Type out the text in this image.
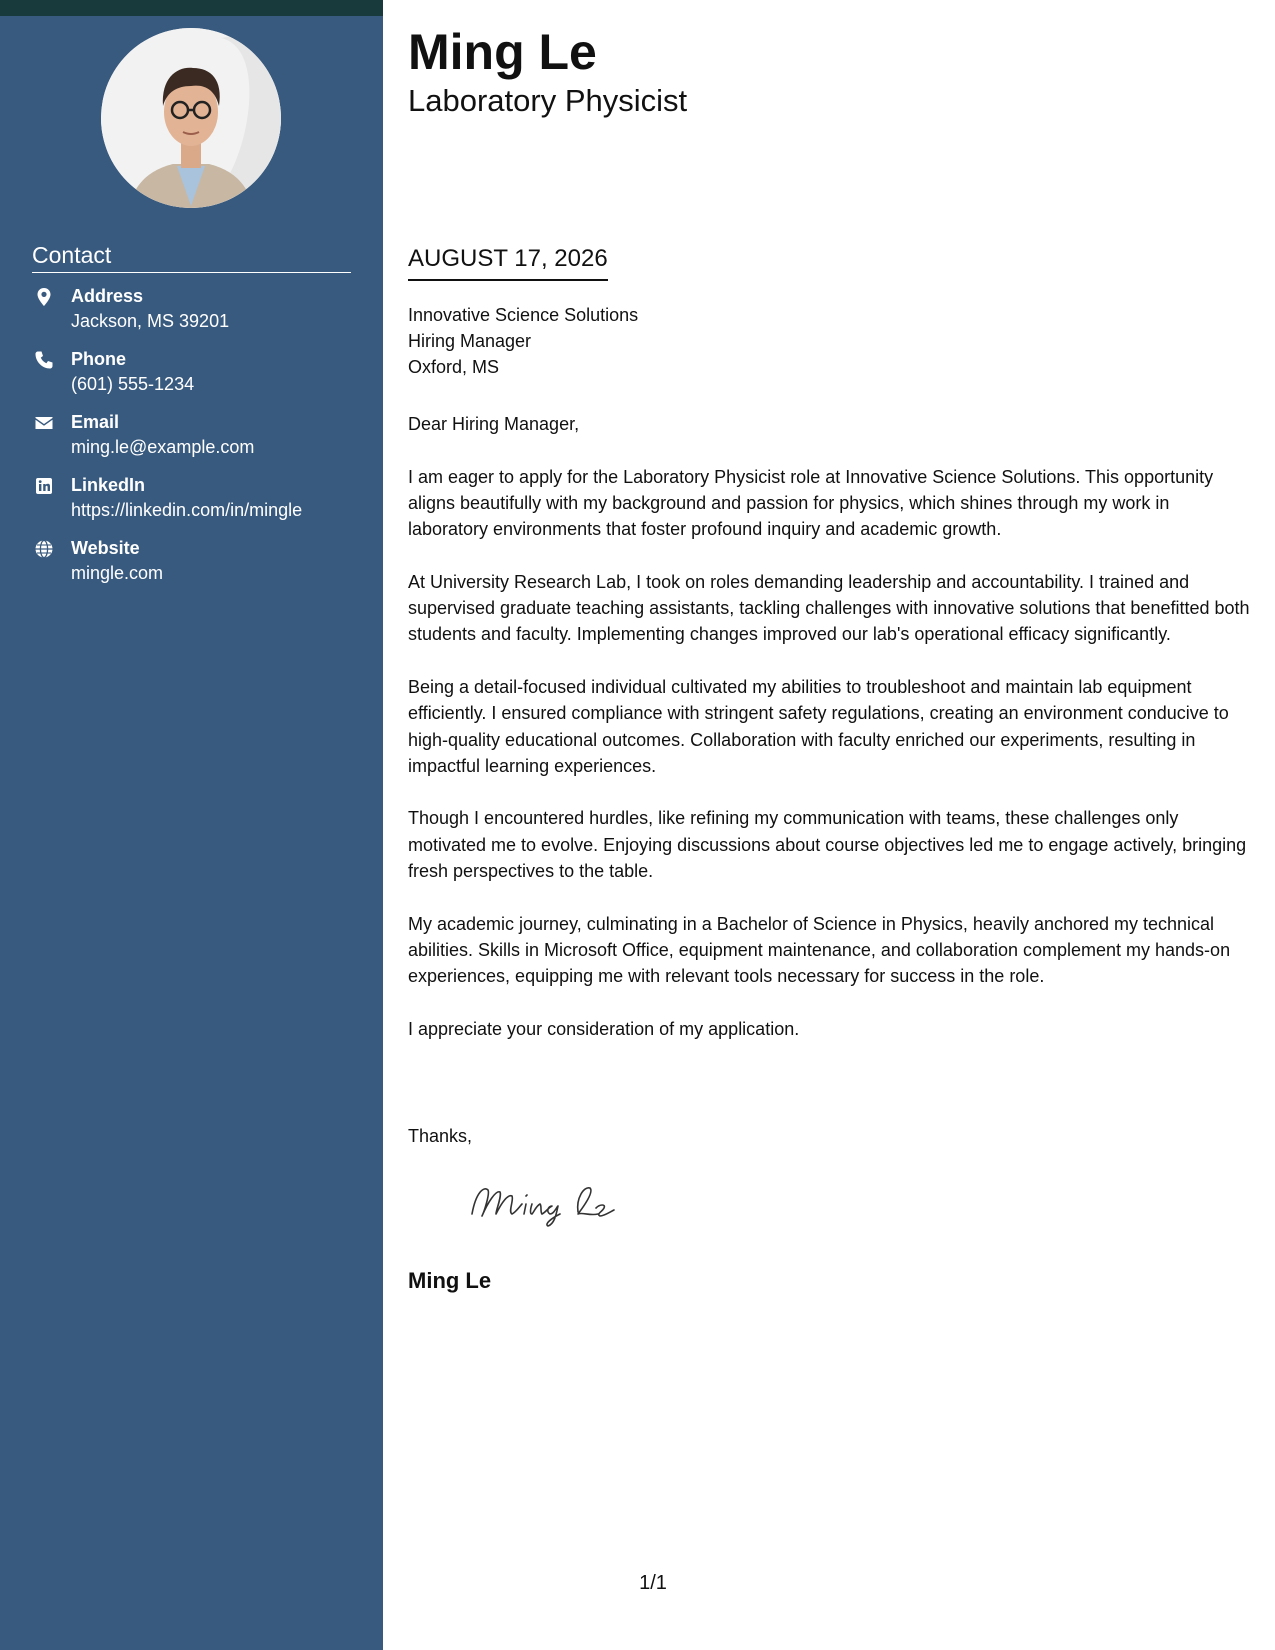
Contact
Address
Jackson, MS 39201
Phone
(601) 555-1234
Email
ming.le@example.com
LinkedIn
https://linkedin.com/in/mingle
Website
mingle.com
Ming Le
Laboratory Physicist
AUGUST 17, 2026
Innovative Science Solutions
Hiring Manager
Oxford, MS

Dear Hiring Manager,

I am eager to apply for the Laboratory Physicist role at Innovative Science Solutions. This opportunity aligns beautifully with my background and passion for physics, which shines through my work in laboratory environments that foster profound inquiry and academic growth.

At University Research Lab, I took on roles demanding leadership and accountability. I trained and supervised graduate teaching assistants, tackling challenges with innovative solutions that benefitted both students and faculty. Implementing changes improved our lab's operational efficacy significantly.

Being a detail-focused individual cultivated my abilities to troubleshoot and maintain lab equipment efficiently. I ensured compliance with stringent safety regulations, creating an environment conducive to high-quality educational outcomes. Collaboration with faculty enriched our experiments, resulting in impactful learning experiences.

Though I encountered hurdles, like refining my communication with teams, these challenges only motivated me to evolve. Enjoying discussions about course objectives led me to engage actively, bringing fresh perspectives to the table.

My academic journey, culminating in a Bachelor of Science in Physics, heavily anchored my technical abilities. Skills in Microsoft Office, equipment maintenance, and collaboration complement my hands-on experiences, equipping me with relevant tools necessary for success in the role.

I appreciate your consideration of my application.

Thanks,
Ming Le
1/1
